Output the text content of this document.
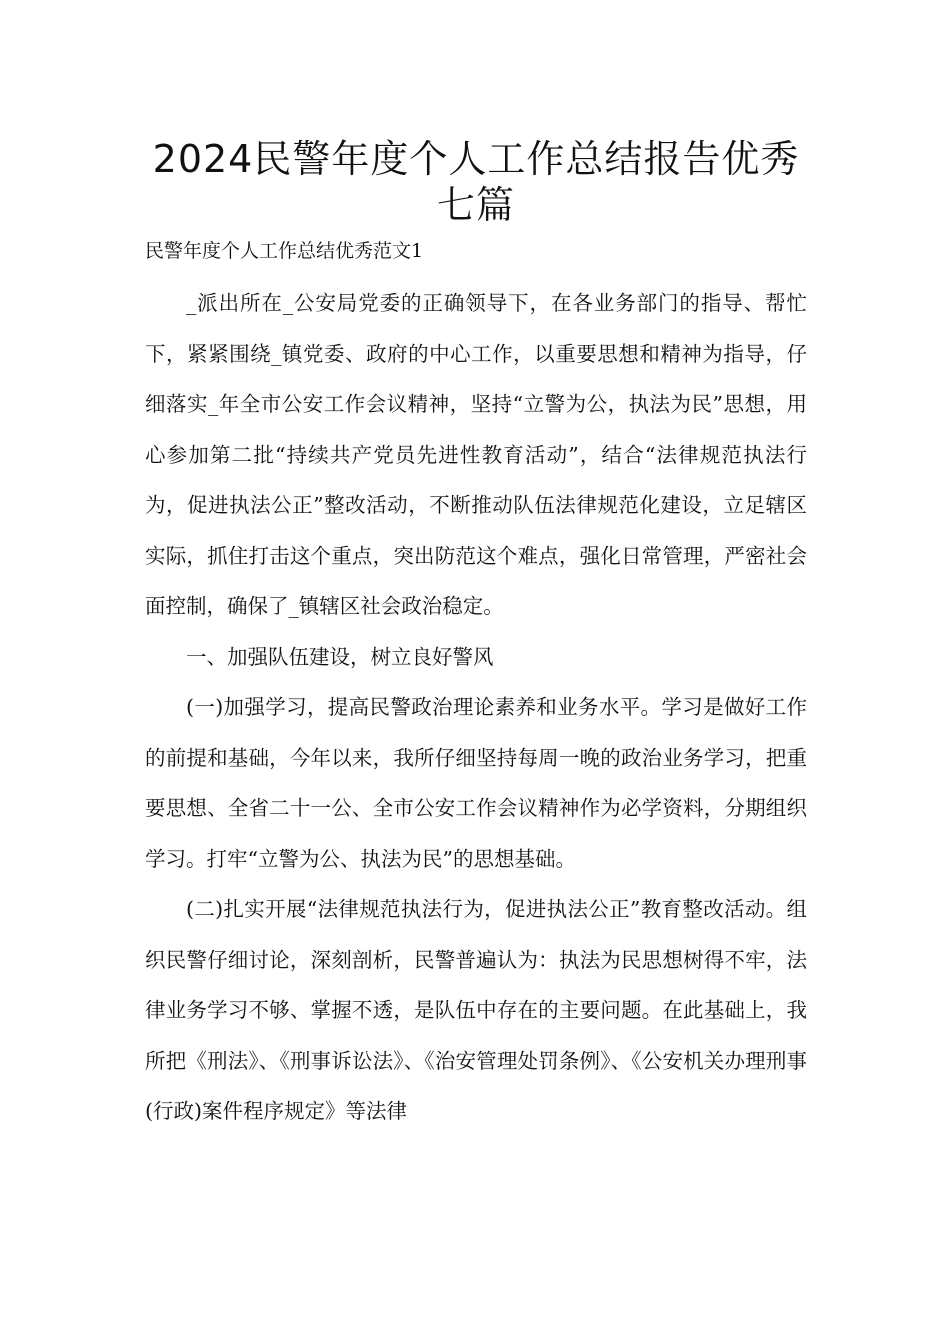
2024民警年度个人工作总结报告优秀七篇
民警年度个人工作总结优秀范文1

_派出所在_公安局党委的正确领导下，在各业务部门的指导、帮忙下，紧紧围绕_镇党委、政府的中心工作，以重要思想和精神为指导，仔细落实_年全市公安工作会议精神，坚持“立警为公，执法为民”思想，用心参加第二批“持续共产党员先进性教育活动”，结合“法律规范执法行为，促进执法公正”整改活动，不断推动队伍法律规范化建设，立足辖区实际，抓住打击这个重点，突出防范这个难点，强化日常管理，严密社会面控制，确保了_镇辖区社会政治稳定。

一、加强队伍建设，树立良好警风

(一)加强学习，提高民警政治理论素养和业务水平。学习是做好工作的前提和基础，今年以来，我所仔细坚持每周一晚的政治业务学习，把重要思想、全省二十一公、全市公安工作会议精神作为必学资料，分期组织学习。打牢“立警为公、执法为民”的思想基础。

(二)扎实开展“法律规范执法行为，促进执法公正”教育整改活动。组织民警仔细讨论，深刻剖析，民警普遍认为：执法为民思想树得不牢，法律业务学习不够、掌握不透，是队伍中存在的主要问题。在此基础上，我所把《刑法》、《刑事诉讼法》、《治安管理处罚条例》、《公安机关办理刑事(行政)案件程序规定》等法律
